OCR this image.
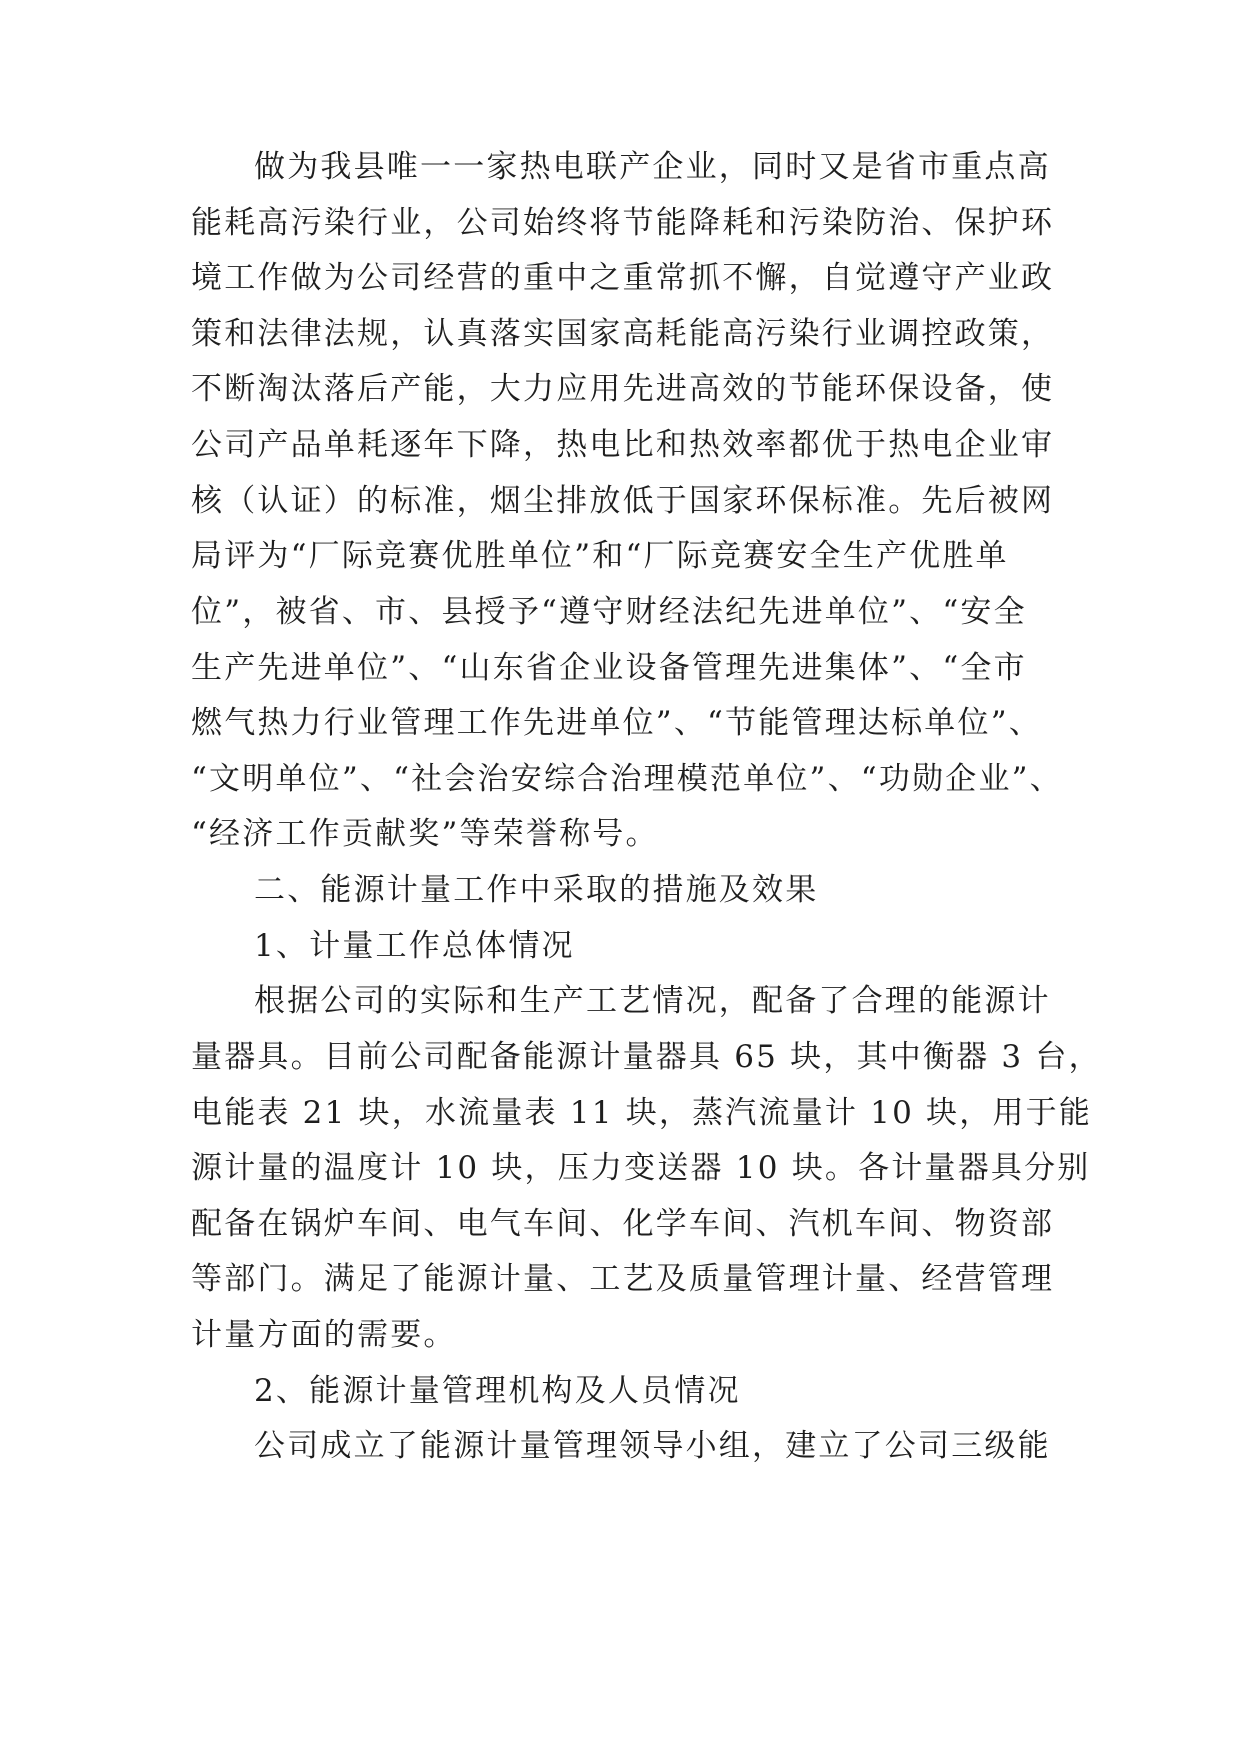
做为我县唯一一家热电联产企业，同时又是省市重点高
能耗高污染行业，公司始终将节能降耗和污染防治、保护环
境工作做为公司经营的重中之重常抓不懈，自觉遵守产业政
策和法律法规，认真落实国家高耗能高污染行业调控政策，
不断淘汰落后产能，大力应用先进高效的节能环保设备，使
公司产品单耗逐年下降，热电比和热效率都优于热电企业审
核（认证）的标准，烟尘排放低于国家环保标准。先后被网
局评为“厂际竞赛优胜单位”和“厂际竞赛安全生产优胜单
位”，被省、市、县授予“遵守财经法纪先进单位”、“安全
生产先进单位”、“山东省企业设备管理先进集体”、“全市
燃气热力行业管理工作先进单位”、“节能管理达标单位”、
“文明单位”、“社会治安综合治理模范单位”、“功勋企业”、
“经济工作贡献奖”等荣誉称号。
二、能源计量工作中采取的措施及效果
1、计量工作总体情况
根据公司的实际和生产工艺情况，配备了合理的能源计
量器具。目前公司配备能源计量器具 65 块，其中衡器 3 台，
电能表 21 块，水流量表 11 块，蒸汽流量计 10 块，用于能
源计量的温度计 10 块，压力变送器 10 块。各计量器具分别
配备在锅炉车间、电气车间、化学车间、汽机车间、物资部
等部门。满足了能源计量、工艺及质量管理计量、经营管理
计量方面的需要。
2、能源计量管理机构及人员情况
公司成立了能源计量管理领导小组，建立了公司三级能
